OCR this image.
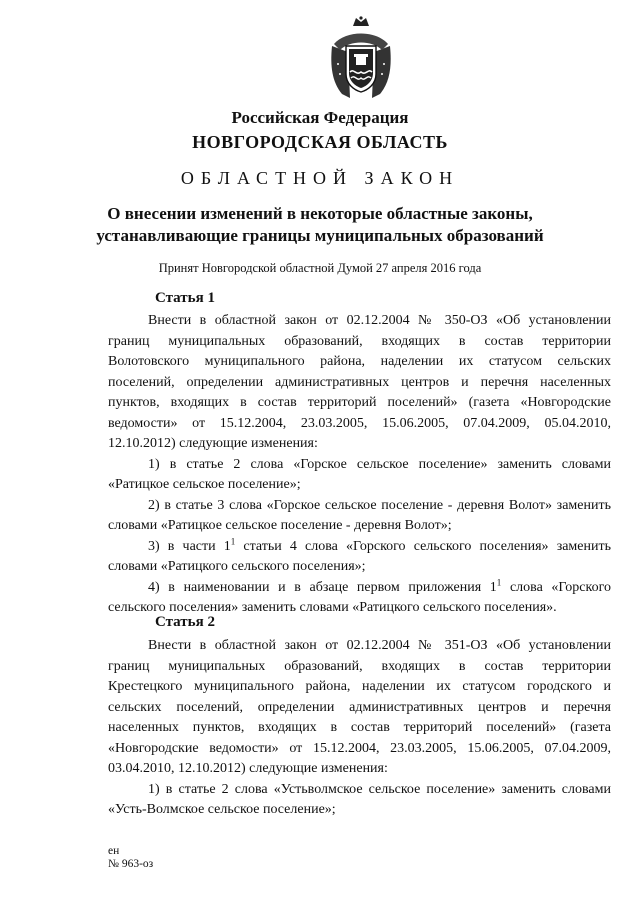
Российская Федерация
НОВГОРОДСКАЯ ОБЛАСТЬ
ОБЛАСТНОЙ ЗАКОН
О внесении изменений в некоторые областные законы,
устанавливающие границы муниципальных образований
Принят Новгородской областной Думой 27 апреля 2016 года
Статья 1
Внести в областной закон от 02.12.2004 № 350-ОЗ «Об установлении
границ муниципальных образований, входящих в состав территории
Волотовского муниципального района, наделении их статусом сельских
поселений, определении административных центров и перечня населенных
пунктов, входящих в состав территорий поселений» (газета «Новгородские
ведомости» от 15.12.2004, 23.03.2005, 15.06.2005, 07.04.2009, 05.04.2010,
12.10.2012) следующие изменения:

1) в статье 2 слова «Горское сельское поселение» заменить словами «Ратицкое сельское поселение»;

2) в статье 3 слова «Горское сельское поселение - деревня Волот» заменить словами «Ратицкое сельское поселение - деревня Волот»;

3) в части $1^1$ статьи 4 слова «Горского сельского поселения» заменить словами «Ратицкого сельского поселения»;

4) в наименовании и в абзаце первом приложения $1^1$ слова «Горского сельского поселения» заменить словами «Ратицкого сельского поселения».

Статья 2
Внести в областной закон от 02.12.2004 № 351-ОЗ «Об установлении
границ муниципальных образований, входящих в состав территории
Крестецкого муниципального района, наделении их статусом городского и
сельских поселений, определении административных центров и перечня
населенных пунктов, входящих в состав территорий поселений» (газета
«Новгородские ведомости» от 15.12.2004, 23.03.2005, 15.06.2005, 07.04.2009,
03.04.2010, 12.10.2012) следующие изменения:

1) в статье 2 слова «Устьволмское сельское поселение» заменить словами «Усть-Волмское сельское поселение»;

ен
№ 963-оз
